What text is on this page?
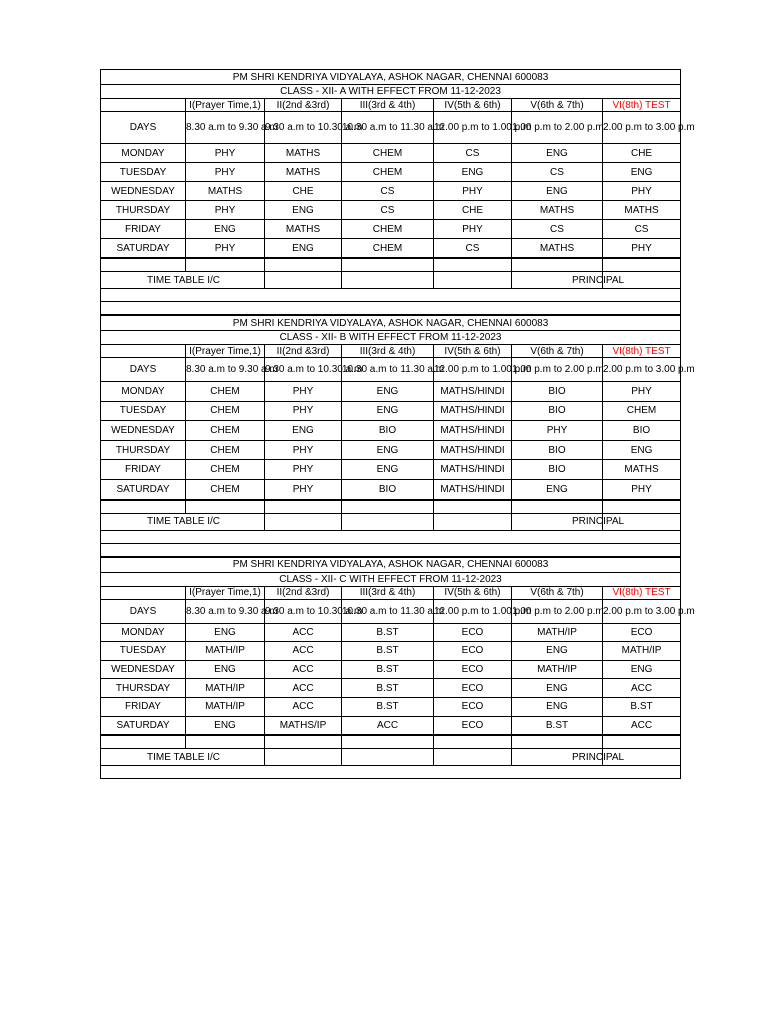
PM SHRI KENDRIYA VIDYALAYA, ASHOK NAGAR, CHENNAI 600083						
CLASS - XII- A WITH EFFECT FROM 11-12-2023						
	I(Prayer Time,1)	II(2nd &3rd)	III(3rd & 4th)	IV(5th & 6th)	V(6th & 7th)	VI(8th) TEST
DAYS	8.30 a.m to 9.30 a.m	9.30 a.m to 10.30 a.m	10.30 a.m to 11.30 a.m	12.00 p.m to 1.00 p.m	1.00 p.m to 2.00 p.m	2.00 p.m to 3.00 p.m
MONDAY	PHY	MATHS	CHEM	CS	ENG	CHE
TUESDAY	PHY	MATHS	CHEM	ENG	CS	ENG
WEDNESDAY	MATHS	CHE	CS	PHY	ENG	PHY
THURSDAY	PHY	ENG	CS	CHE	MATHS	MATHS
FRIDAY	ENG	MATHS	CHEM	PHY	CS	CS
SATURDAY	PHY	ENG	CHEM	CS	MATHS	PHY

TIME TABLE I/C					PRINCIPAL	

PM SHRI KENDRIYA VIDYALAYA, ASHOK NAGAR, CHENNAI 600083						
CLASS - XII- B WITH EFFECT FROM 11-12-2023						
	I(Prayer Time,1)	II(2nd &3rd)	III(3rd & 4th)	IV(5th & 6th)	V(6th & 7th)	VI(8th) TEST
DAYS	8.30 a.m to 9.30 a.m	9.30 a.m to 10.30 a.m	10.30 a.m to 11.30 a.m	12.00 p.m to 1.00 p.m	1.00 p.m to 2.00 p.m	2.00 p.m to 3.00 p.m
MONDAY	CHEM	PHY	ENG	MATHS/HINDI	BIO	PHY
TUESDAY	CHEM	PHY	ENG	MATHS/HINDI	BIO	CHEM
WEDNESDAY	CHEM	ENG	BIO	MATHS/HINDI	PHY	BIO
THURSDAY	CHEM	PHY	ENG	MATHS/HINDI	BIO	ENG
FRIDAY	CHEM	PHY	ENG	MATHS/HINDI	BIO	MATHS
SATURDAY	CHEM	PHY	BIO	MATHS/HINDI	ENG	PHY

TIME TABLE I/C					PRINCIPAL	

PM SHRI KENDRIYA VIDYALAYA, ASHOK NAGAR, CHENNAI 600083						
CLASS - XII- C WITH EFFECT FROM 11-12-2023						
	I(Prayer Time,1)	II(2nd &3rd)	III(3rd & 4th)	IV(5th & 6th)	V(6th & 7th)	VI(8th) TEST
DAYS	8.30 a.m to 9.30 a.m	9.30 a.m to 10.30 a.m	10.30 a.m to 11.30 a.m	12.00 p.m to 1.00 p.m	1.00 p.m to 2.00 p.m	2.00 p.m to 3.00 p.m
MONDAY	ENG	ACC	B.ST	ECO	MATH/IP	ECO
TUESDAY	MATH/IP	ACC	B.ST	ECO	ENG	MATH/IP
WEDNESDAY	ENG	ACC	B.ST	ECO	MATH/IP	ENG
THURSDAY	MATH/IP	ACC	B.ST	ECO	ENG	ACC
FRIDAY	MATH/IP	ACC	B.ST	ECO	ENG	B.ST
SATURDAY	ENG	MATHS/IP	ACC	ECO	B.ST	ACC

TIME TABLE I/C					PRINCIPAL	
